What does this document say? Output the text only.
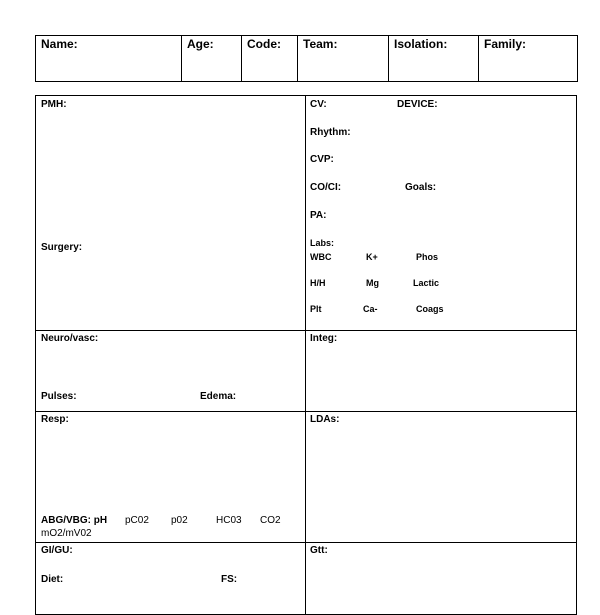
Name:	Age:	Code: Team:	Isolation:	Family:
PMH:
Surgery:
CV:	DEVICE:
Rhythm:
CVP:
CO/CI:	Goals:
PA:
Labs:
WBC	K+	Phos
H/H	Mg	Lactic
Plt	Ca-	Coags
Neuro/vasc:
Pulses:	Edema:
Integ:
Resp:
ABG/VBG: pH pC02 p02	HC03 CO2
mO2/mV02
LDAs:
GI/GU:
Diet:	FS:
Gtt:
